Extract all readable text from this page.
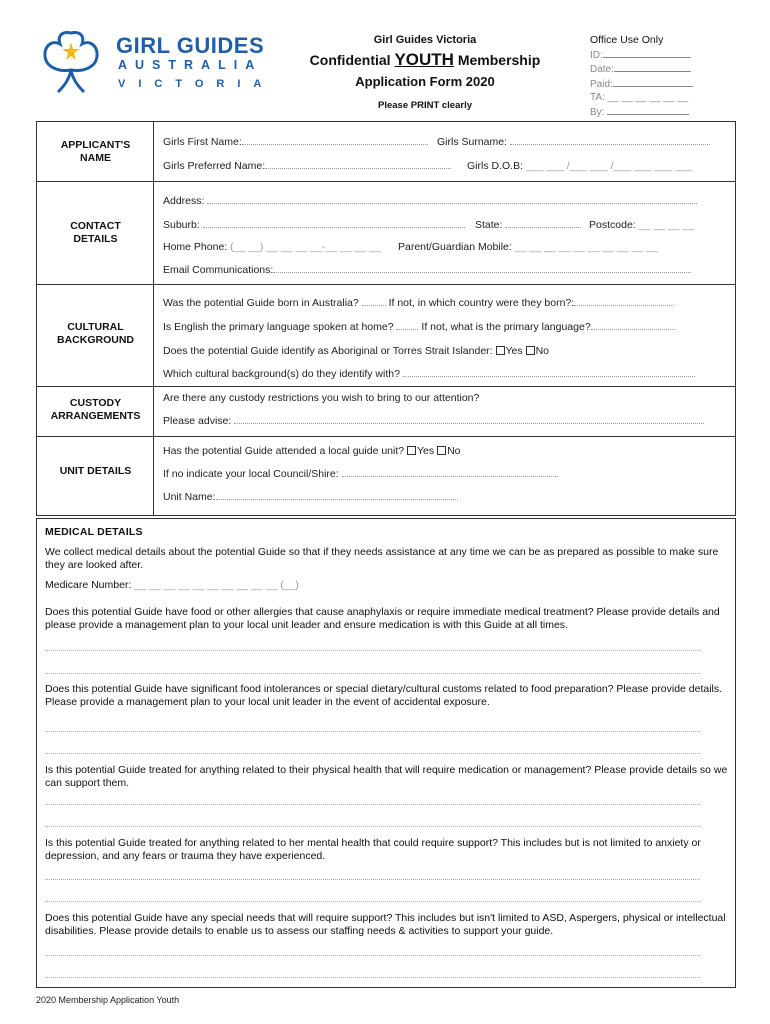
GIRL GUIDES
AUSTRALIA
VICTORIA
Girl Guides Victoria
Confidential YOUTH Membership
Application Form 2020
Please PRINT clearly
Office Use Only
ID:
Date:
Paid:
TA: __ __ __ __ __ __
By:
APPLICANT'S NAME
Girls First Name:	Girls Surname:
Girls Preferred Name:	Girls D.O.B: ___ ___ /___ ___ /___ ___ ___ ___
CONTACT DETAILS
Address:
Suburb:	State:	Postcode: __ __ __ __
Home Phone: (__ __) __ __ __ __-__ __ __ __ Parent/Guardian Mobile: __ __ __ __ __ __ __ __ __ __
Email Communications:
CULTURAL BACKGROUND
Was the potential Guide born in Australia?	If not, in which country were they born?:
Is English the primary language spoken at home?	If not, what is the primary language?
Does the potential Guide identify as Aboriginal or Torres Strait Islander: Yes No
Which cultural background(s) do they identify with?
CUSTODY ARRANGEMENTS
Are there any custody restrictions you wish to bring to our attention?
Please advise:
UNIT DETAILS
Has the potential Guide attended a local guide unit? Yes No
If no indicate your local Council/Shire:
Unit Name:
MEDICAL DETAILS
We collect medical details about the potential Guide so that if they needs assistance at any time we can be as prepared as possible to make sure they are looked after.
Medicare Number: __ __ __ __ __ __ __ __ __ __ (__)
Does this potential Guide have food or other allergies that cause anaphylaxis or require immediate medical treatment? Please provide details and please provide a management plan to your local unit leader and ensure medication is with this Guide at all times.
Does this potential Guide have significant food intolerances or special dietary/cultural customs related to food preparation? Please provide details. Please provide a management plan to your local unit leader in the event of accidental exposure.
Is this potential Guide treated for anything related to their physical health that will require medication or management? Please provide details so we can support them.
Is this potential Guide treated for anything related to her mental health that could require support? This includes but is not limited to anxiety or depression, and any fears or trauma they have experienced.
Does this potential Guide have any special needs that will require support? This includes but isn't limited to ASD, Aspergers, physical or intellectual disabilities. Please provide details to enable us to assess our staffing needs & activities to support your guide.
2020 Membership Application Youth
